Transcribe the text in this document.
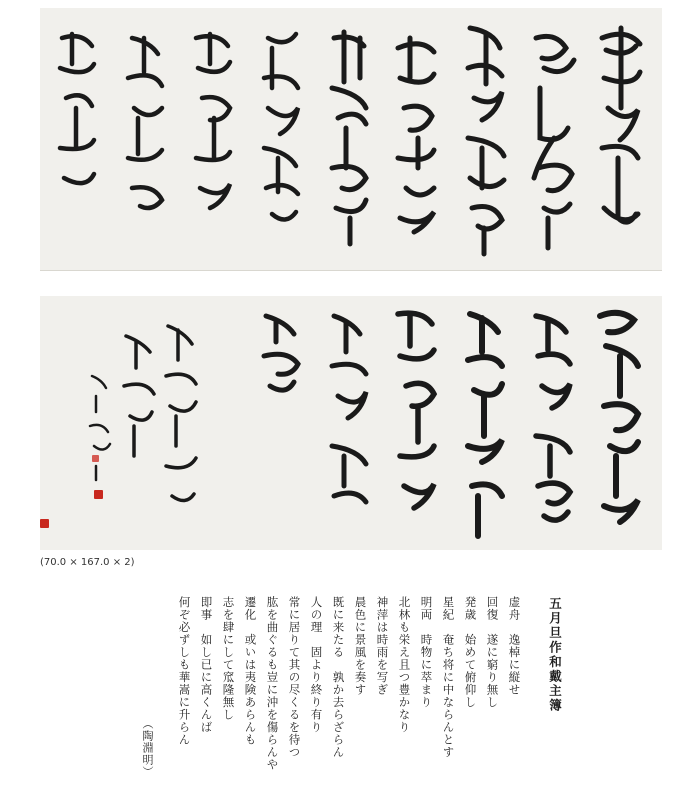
(70.0 × 167.0 × 2)
五月旦作和戴主簿
虚舟　逸棹に縦せ
回復　遂に窮り無し
発歳　始めて俯仰し
星紀　奄ち将に中ならんとす
明両　時物に萃まり
北林も栄え且つ豊かなり
神萍は時雨を写ぎ
晨色に景風を奏す
既に来たる　孰か去らざらん
人の理　固より終り有り
常に居りて其の尽くるを待つ
肱を曲ぐるも豈に沖を傷らんや
遷化　或いは夷険あらんも
志を肆にして窊隆無し
即事　如し已に高くんば
何ぞ必ずしも華嵩に升らん
（陶淵明）
